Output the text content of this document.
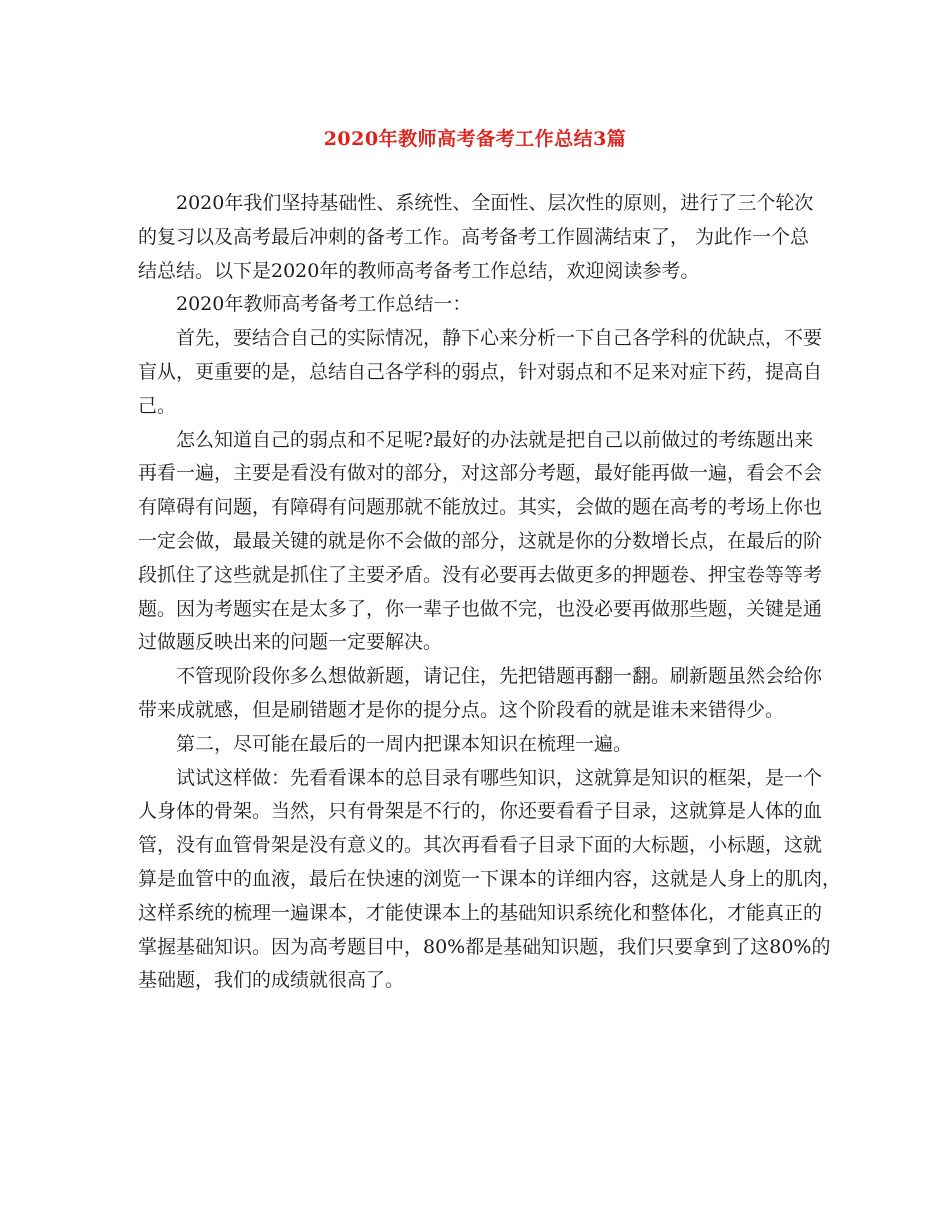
2020年教师高考备考工作总结3篇
2020年我们坚持基础性、系统性、全面性、层次性的原则，进行了三个轮次
的复习以及高考最后冲刺的备考工作。高考备考工作圆满结束了， 为此作一个总
结总结。以下是2020年的教师高考备考工作总结，欢迎阅读参考。
2020年教师高考备考工作总结一：
首先，要结合自己的实际情况，静下心来分析一下自己各学科的优缺点，不要
盲从，更重要的是，总结自己各学科的弱点，针对弱点和不足来对症下药，提高自
己。
怎么知道自己的弱点和不足呢?最好的办法就是把自己以前做过的考练题出来
再看一遍，主要是看没有做对的部分，对这部分考题，最好能再做一遍，看会不会
有障碍有问题，有障碍有问题那就不能放过。其实，会做的题在高考的考场上你也
一定会做，最最关键的就是你不会做的部分，这就是你的分数增长点，在最后的阶
段抓住了这些就是抓住了主要矛盾。没有必要再去做更多的押题卷、押宝卷等等考
题。因为考题实在是太多了，你一辈子也做不完，也没必要再做那些题，关键是通
过做题反映出来的问题一定要解决。
不管现阶段你多么想做新题，请记住，先把错题再翻一翻。刷新题虽然会给你
带来成就感，但是刷错题才是你的提分点。这个阶段看的就是谁未来错得少。
第二，尽可能在最后的一周内把课本知识在梳理一遍。
试试这样做：先看看课本的总目录有哪些知识，这就算是知识的框架，是一个
人身体的骨架。当然，只有骨架是不行的，你还要看看子目录，这就算是人体的血
管，没有血管骨架是没有意义的。其次再看看子目录下面的大标题，小标题，这就
算是血管中的血液，最后在快速的浏览一下课本的详细内容，这就是人身上的肌肉，
这样系统的梳理一遍课本，才能使课本上的基础知识系统化和整体化，才能真正的
掌握基础知识。因为高考题目中，80%都是基础知识题，我们只要拿到了这80%的
基础题，我们的成绩就很高了。
